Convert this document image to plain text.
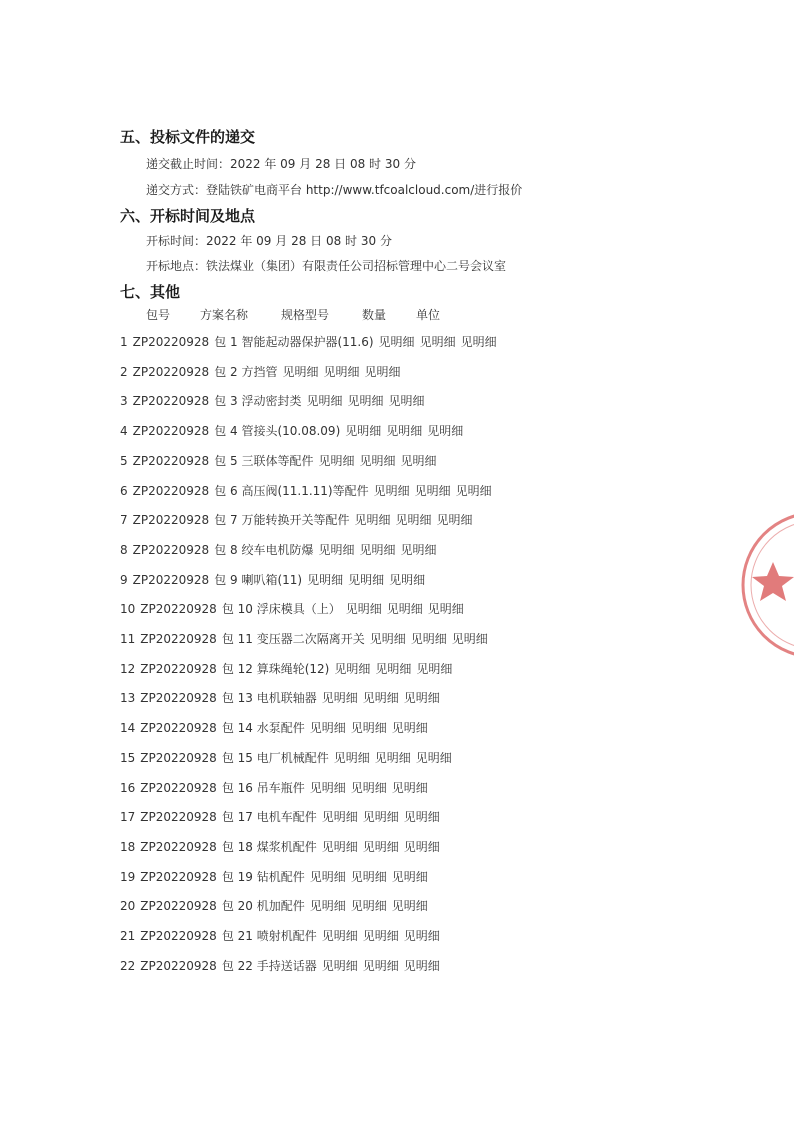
五、投标文件的递交
递交截止时间：2022 年 09 月 28 日 08 时 30 分
递交方式：登陆铁矿电商平台 http://www.tfcoalcloud.com/进行报价
六、开标时间及地点
开标时间：2022 年 09 月 28 日 08 时 30 分
开标地点：铁法煤业（集团）有限责任公司招标管理中心二号会议室
七、其他
包号 方案名称	规格型号	数量 单位
1 ZP20220928 包 1 智能起动器保护器(11.6) 见明细 见明细 见明细
2 ZP20220928 包 2 方挡管 见明细 见明细 见明细
3 ZP20220928 包 3 浮动密封类 见明细 见明细 见明细
4 ZP20220928 包 4 管接头(10.08.09) 见明细 见明细 见明细
5 ZP20220928 包 5 三联体等配件 见明细 见明细 见明细
6 ZP20220928 包 6 高压阀(11.1.11)等配件 见明细 见明细 见明细
7 ZP20220928 包 7 万能转换开关等配件 见明细 见明细 见明细
8 ZP20220928 包 8 绞车电机防爆 见明细 见明细 见明细
9 ZP20220928 包 9 喇叭箱(11) 见明细 见明细 见明细
10 ZP20220928 包 10 浮床模具（上） 见明细 见明细 见明细
11 ZP20220928 包 11 变压器二次隔离开关 见明细 见明细 见明细
12 ZP20220928 包 12 算珠绳轮(12) 见明细 见明细 见明细
13 ZP20220928 包 13 电机联轴器 见明细 见明细 见明细
14 ZP20220928 包 14 水泵配件 见明细 见明细 见明细
15 ZP20220928 包 15 电厂机械配件 见明细 见明细 见明细
16 ZP20220928 包 16 吊车瓶件 见明细 见明细 见明细
17 ZP20220928 包 17 电机车配件 见明细 见明细 见明细
18 ZP20220928 包 18 煤浆机配件 见明细 见明细 见明细
19 ZP20220928 包 19 钻机配件 见明细 见明细 见明细
20 ZP20220928 包 20 机加配件 见明细 见明细 见明细
21 ZP20220928 包 21 喷射机配件 见明细 见明细 见明细
22 ZP20220928 包 22 手持送话器 见明细 见明细 见明细
